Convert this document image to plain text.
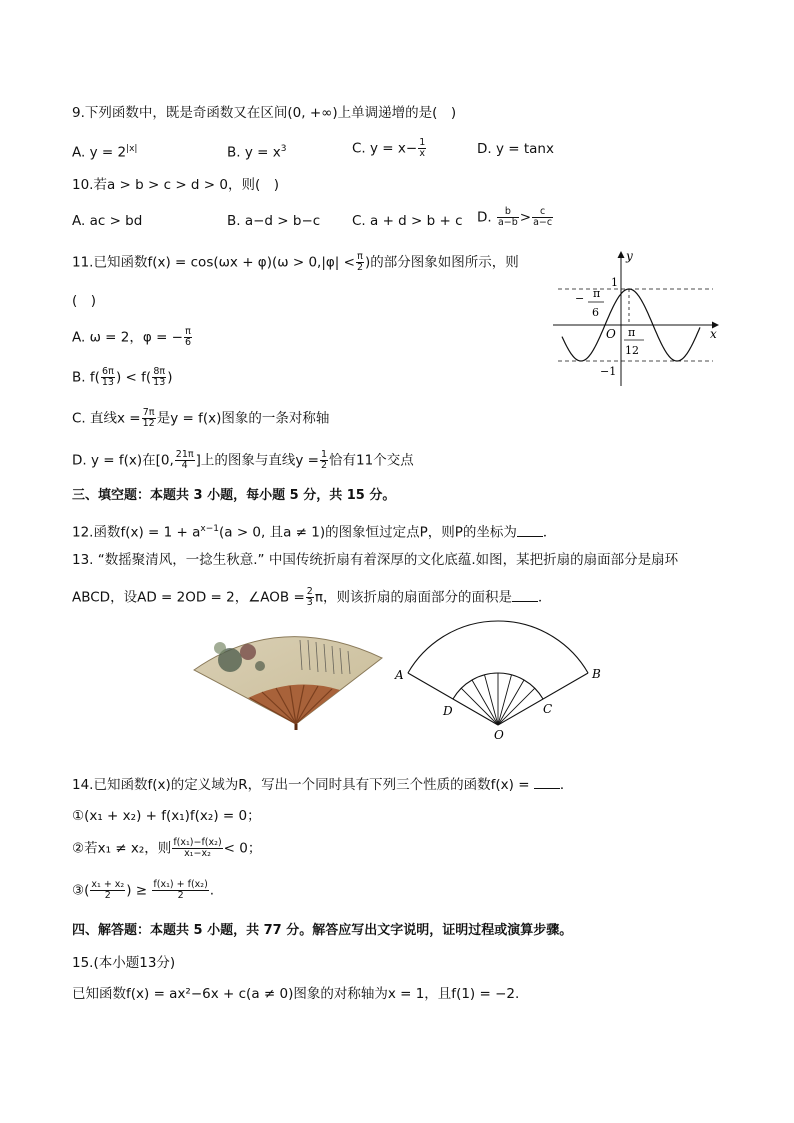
9.下列函数中，既是奇函数又在区间(0, +∞)上单调递增的是(　)
A. $y = 2^{|x|}$	B. $y = x^3$	C. $y = x- \frac{1}{x}$	D. y = tanx
10.若a > b > c > d > 0，则(　)
A. ac > bd	B. a−d > b−c C. a + d > b + c D. $\frac{b}{a-b} > \frac{c}{a-c}$
11.已知函数$f(x) = \cos(\omega x + \varphi)(\omega > 0,|\varphi| < \frac{\pi}{2}$ )的部分图象如图所示，则
(　)
A. ω = 2，φ = − $\frac{\pi}{6}$
B. $f( \frac{6\pi}{13}$ ) < $f( \frac{8\pi}{13}$ )
C. 直线$x = \frac{7\pi}{12}$ 是y = f(x)图象的一条对称轴
D. y = f(x)在[0, $\frac{21\pi}{4}$ ]上的图象与直线$y = \frac{1}{2}$ 恰有11个交点
y
x
1
−1
O
− π
6
π
12
三、填空题：本题共 3 小题，每小题 5 分，共 15 分。
12.函数$f(x) = 1 + a^{x-1}(a > 0$, 且a ≠ 1)的图象恒过定点P，则P的坐标为 ．
13. “数摇聚清风，一捻生秋意.” 中国传统折扇有着深厚的文化底蕴.如图，某把折扇的扇面部分是扇环
ABCD，设AD = 2OD = 2，∠AOB = $\frac{2}{3}$ π，则该折扇的扇面部分的面积是 ．
A	B
C
D
O
14.已知函数f(x)的定义域为R，写出一个同时具有下列三个性质的函数f(x) = ．
①(x₁ + x₂) + f(x₁)f(x₂) = 0；
②若x₁ ≠ x₂，则 $\frac{\text{f(x₁)−f(x₂)}}{\text{x₁−x₂}} < 0$；
③( $\frac{\text{x₁ + x₂}}{2}$ ) ≥ $\frac{\text{f(x₁) + f(x₂)}}{2}$ .
四、解答题：本题共 5 小题，共 77 分。解答应写出文字说明，证明过程或演算步骤。
15.(本小题13分)
已知函数f(x) = ax²−6x + c(a ≠ 0)图象的对称轴为x = 1，且f(1) = −2.
